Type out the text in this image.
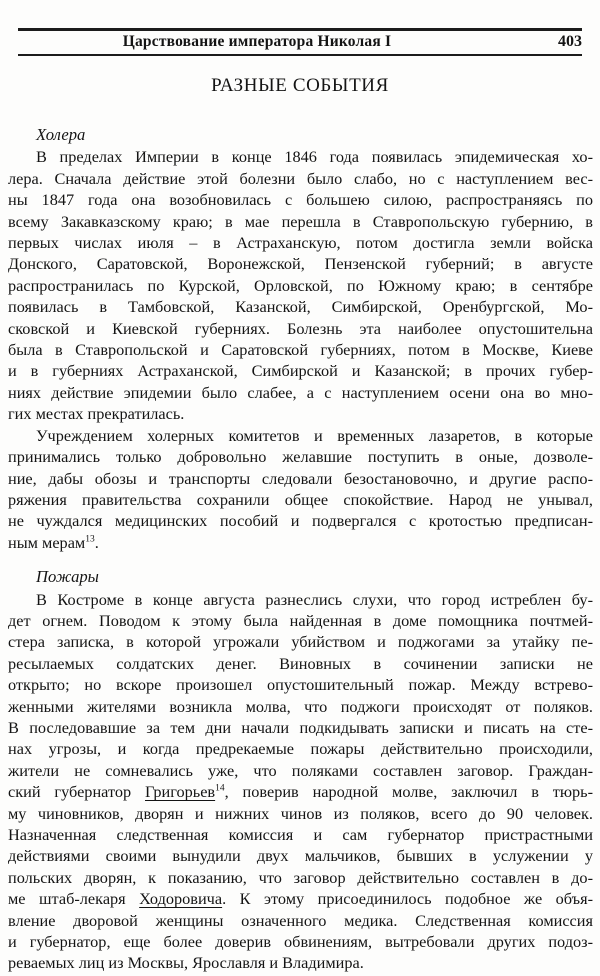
Царствование императора Николая I	403
РАЗНЫЕ СОБЫТИЯ
Холера
В пределах Империи в конце 1846 года появилась эпидемическая хо-
лера. Сначала действие этой болезни было слабо, но с наступлением вес-
ны 1847 года она возобновилась с большею силою, распространяясь по
всему Закавказскому краю; в мае перешла в Ставропольскую губернию, в
первых числах июля – в Астраханскую, потом достигла земли войска
Донского, Саратовской, Воронежской, Пензенской губерний; в августе
распространилась по Курской, Орловской, по Южному краю; в сентябре
появилась в Тамбовской, Казанской, Симбирской, Оренбургской, Мо-
сковской и Киевской губерниях. Болезнь эта наиболее опустошительна
была в Ставропольской и Саратовской губерниях, потом в Москве, Киеве
и в губерниях Астраханской, Симбирской и Казанской; в прочих губер-
ниях действие эпидемии было слабее, а с наступлением осени она во мно-
гих местах прекратилась.
Учреждением холерных комитетов и временных лазаретов, в которые
принимались только добровольно желавшие поступить в оные, дозволе-
ние, дабы обозы и транспорты следовали безостановочно, и другие распо-
ряжения правительства сохранили общее спокойствие. Народ не унывал,
не чуждался медицинских пособий и подвергался с кротостью предписан-
ным мерам$^{13}$.
Пожары
В Костроме в конце августа разнеслись слухи, что город истреблен бу-
дет огнем. Поводом к этому была найденная в доме помощника почтмей-
стера записка, в которой угрожали убийством и поджогами за утайку пе-
ресылаемых солдатских денег. Виновных в сочинении записки не
открыто; но вскоре произошел опустошительный пожар. Между встрево-
женными жителями возникла молва, что поджоги происходят от поляков.
В последовавшие за тем дни начали подкидывать записки и писать на сте-
нах угрозы, и когда предрекаемые пожары действительно происходили,
жители не сомневались уже, что поляками составлен заговор. Граждан-
ский губернатор Григорьев$^{14}$, поверив народной молве, заключил в тюрь-
му чиновников, дворян и нижних чинов из поляков, всего до 90 человек.
Назначенная следственная комиссия и сам губернатор пристрастными
действиями своими вынудили двух мальчиков, бывших в услужении у
польских дворян, к показанию, что заговор действительно составлен в до-
ме штаб-лекаря Ходоровича. К этому присоединилось подобное же объя-
вление дворовой женщины означенного медика. Следственная комиссия
и губернатор, еще более доверив обвинениям, вытребовали других подоз-
реваемых лиц из Москвы, Ярославля и Владимира.
